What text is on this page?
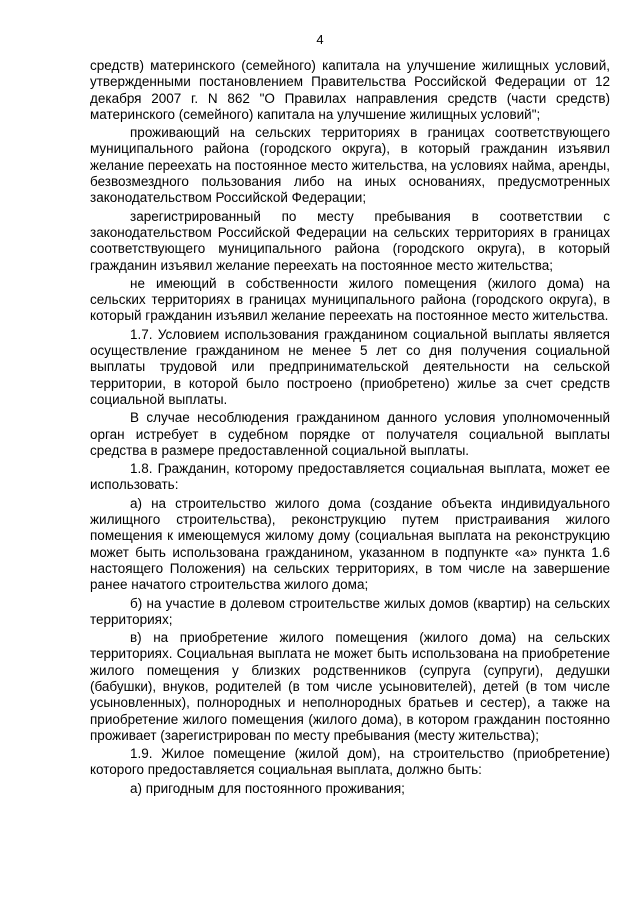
4

средств) материнского (семейного) капитала на улучшение жилищных условий, утвержденными постановлением Правительства Российской Федерации от 12 декабря 2007 г. N 862 "О Правилах направления средств (части средств) материнского (семейного) капитала на улучшение жилищных условий";

проживающий на сельских территориях в границах соответствующего муниципального района (городского округа), в который гражданин изъявил желание переехать на постоянное место жительства, на условиях найма, аренды, безвозмездного пользования либо на иных основаниях, предусмотренных законодательством Российской Федерации;

зарегистрированный по месту пребывания в соответствии с законодательством Российской Федерации на сельских территориях в границах соответствующего муниципального района (городского округа), в который гражданин изъявил желание переехать на постоянное место жительства;

не имеющий в собственности жилого помещения (жилого дома) на сельских территориях в границах муниципального района (городского округа), в который гражданин изъявил желание переехать на постоянное место жительства.

1.7. Условием использования гражданином социальной выплаты является осуществление гражданином не менее 5 лет со дня получения социальной выплаты трудовой или предпринимательской деятельности на сельской территории, в которой было построено (приобретено) жилье за счет средств социальной выплаты.

В случае несоблюдения гражданином данного условия уполномоченный орган истребует в судебном порядке от получателя социальной выплаты средства в размере предоставленной социальной выплаты.

1.8. Гражданин, которому предоставляется социальная выплата, может ее использовать:

а) на строительство жилого дома (создание объекта индивидуального жилищного строительства), реконструкцию путем пристраивания жилого помещения к имеющемуся жилому дому (социальная выплата на реконструкцию может быть использована гражданином, указанном в подпункте «а» пункта 1.6 настоящего Положения) на сельских территориях, в том числе на завершение ранее начатого строительства жилого дома;

б) на участие в долевом строительстве жилых домов (квартир) на сельских территориях;

в) на приобретение жилого помещения (жилого дома) на сельских территориях. Социальная выплата не может быть использована на приобретение жилого помещения у близких родственников (супруга (супруги), дедушки (бабушки), внуков, родителей (в том числе усыновителей), детей (в том числе усыновленных), полнородных и неполнородных братьев и сестер), а также на приобретение жилого помещения (жилого дома), в котором гражданин постоянно проживает (зарегистрирован по месту пребывания (месту жительства);

1.9. Жилое помещение (жилой дом), на строительство (приобретение) которого предоставляется социальная выплата, должно быть:

а) пригодным для постоянного проживания;
